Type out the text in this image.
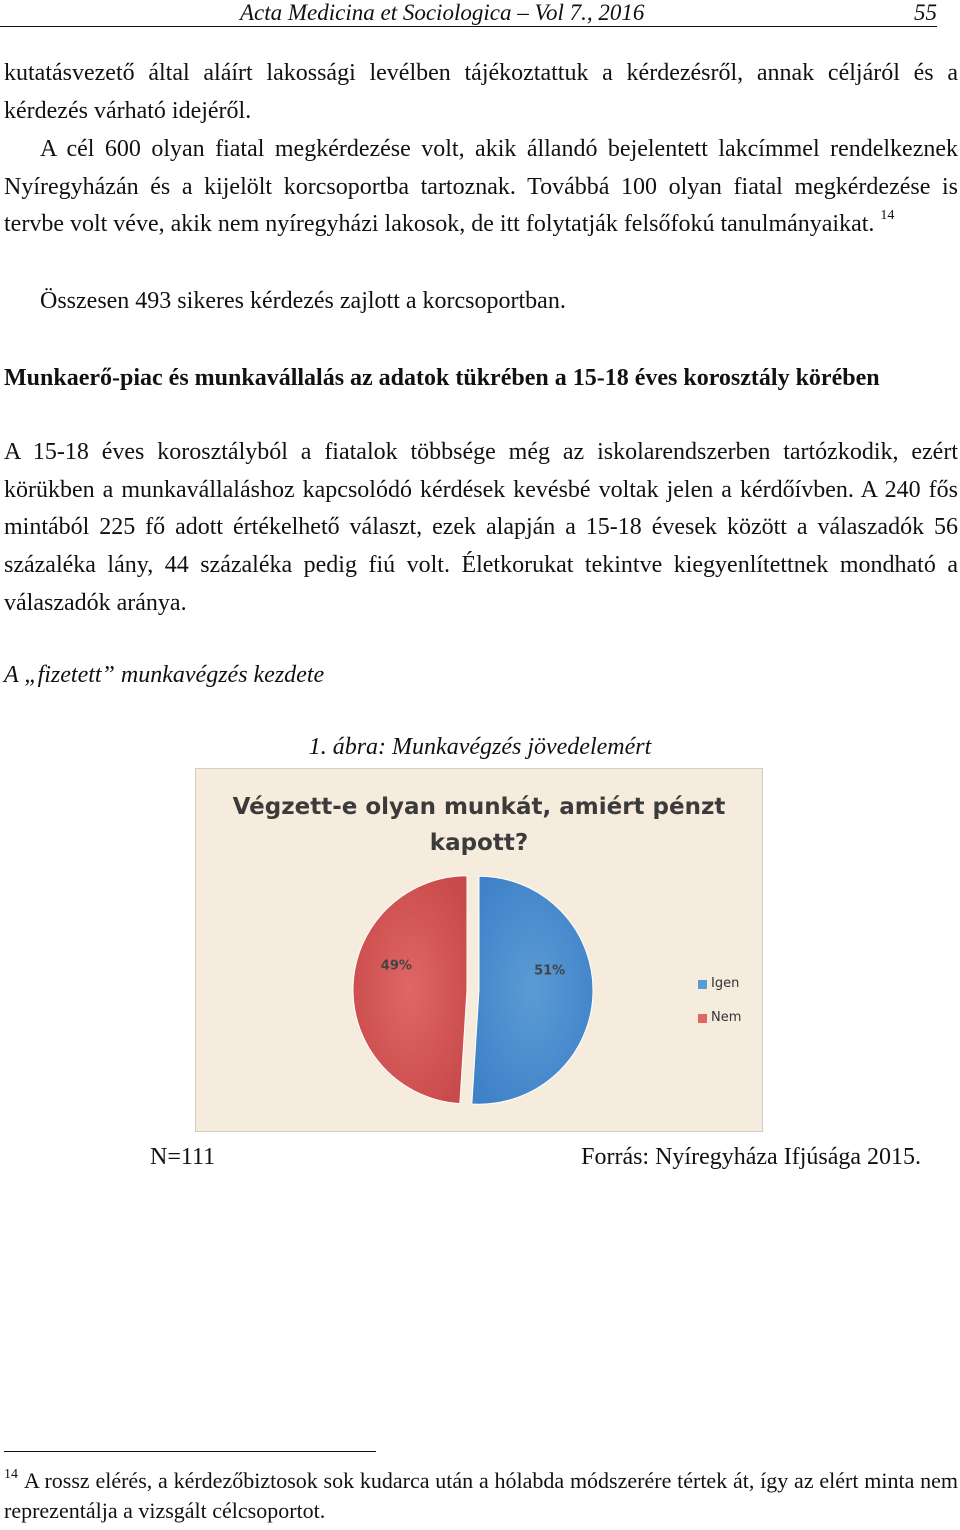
Acta Medicina et Sociologica – Vol 7., 2016	55
kutatásvezető által aláírt lakossági levélben tájékoztattuk a kérdezésről, annak céljáról és a kérdezés várható idejéről.
A cél 600 olyan fiatal megkérdezése volt, akik állandó bejelentett lakcímmel rendelkeznek Nyíregyházán és a kijelölt korcsoportba tartoznak. Továbbá 100 olyan fiatal megkérdezése is tervbe volt véve, akik nem nyíregyházi lakosok, de itt folytatják felsőfokú tanulmányaikat. $^{14}$
Összesen 493 sikeres kérdezés zajlott a korcsoportban.
Munkaerő-piac és munkavállalás az adatok tükrében a 15-18 éves korosztály körében
A 15-18 éves korosztályból a fiatalok többsége még az iskolarendszerben tartózkodik, ezért körükben a munkavállaláshoz kapcsolódó kérdések kevésbé voltak jelen a kérdőívben. A 240 fős mintából 225 fő adott értékelhető választ, ezek alapján a 15-18 évesek között a válaszadók 56 százaléka lány, 44 százaléka pedig fiú volt. Életkorukat tekintve kiegyenlítettnek mondható a válaszadók aránya.
A „fizetett” munkavégzés kezdete
1. ábra: Munkavégzés jövedelemért
Végzett-e olyan munkát, amiért pénzt kapott?
51%
49%
Igen
Nem
N=111	Forrás: Nyíregyháza Ifjúsága 2015.
$^{14}$ A rossz elérés, a kérdezőbiztosok sok kudarca után a hólabda módszerére tértek át, így az elért minta nem reprezentálja a vizsgált célcsoportot.
